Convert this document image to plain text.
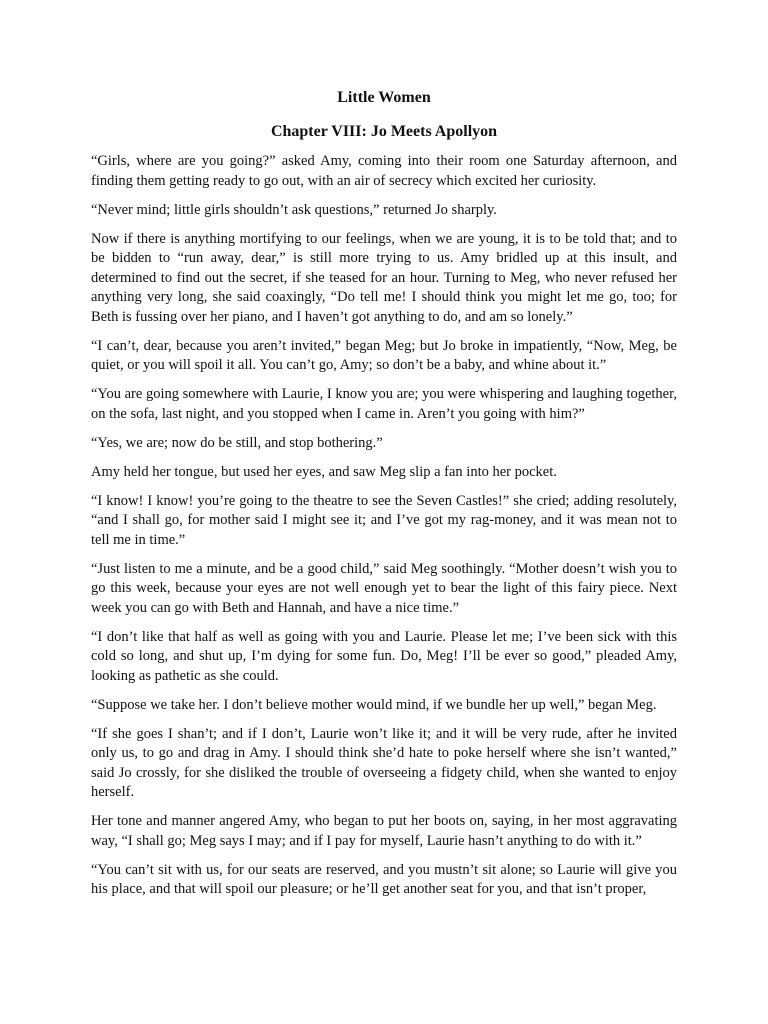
Little Women
Chapter VIII: Jo Meets Apollyon

“Girls, where are you going?” asked Amy, coming into their room one Saturday afternoon, and finding them getting ready to go out, with an air of secrecy which excited her curiosity.

“Never mind; little girls shouldn’t ask questions,” returned Jo sharply.

Now if there is anything mortifying to our feelings, when we are young, it is to be told that; and to be bidden to “run away, dear,” is still more trying to us. Amy bridled up at this insult, and determined to find out the secret, if she teased for an hour. Turning to Meg, who never refused her anything very long, she said coaxingly, “Do tell me! I should think you might let me go, too; for Beth is fussing over her piano, and I haven’t got anything to do, and am so lonely.”

“I can’t, dear, because you aren’t invited,” began Meg; but Jo broke in impatiently, “Now, Meg, be quiet, or you will spoil it all. You can’t go, Amy; so don’t be a baby, and whine about it.”

“You are going somewhere with Laurie, I know you are; you were whispering and laughing together, on the sofa, last night, and you stopped when I came in. Aren’t you going with him?”

“Yes, we are; now do be still, and stop bothering.”

Amy held her tongue, but used her eyes, and saw Meg slip a fan into her pocket.

“I know! I know! you’re going to the theatre to see the Seven Castles!” she cried; adding resolutely, “and I shall go, for mother said I might see it; and I’ve got my rag-money, and it was mean not to tell me in time.”

“Just listen to me a minute, and be a good child,” said Meg soothingly. “Mother doesn’t wish you to go this week, because your eyes are not well enough yet to bear the light of this fairy piece. Next week you can go with Beth and Hannah, and have a nice time.”

“I don’t like that half as well as going with you and Laurie. Please let me; I’ve been sick with this cold so long, and shut up, I’m dying for some fun. Do, Meg! I’ll be ever so good,” pleaded Amy, looking as pathetic as she could.

“Suppose we take her. I don’t believe mother would mind, if we bundle her up well,” began Meg.

“If she goes I shan’t; and if I don’t, Laurie won’t like it; and it will be very rude, after he invited only us, to go and drag in Amy. I should think she’d hate to poke herself where she isn’t wanted,” said Jo crossly, for she disliked the trouble of overseeing a fidgety child, when she wanted to enjoy herself.

Her tone and manner angered Amy, who began to put her boots on, saying, in her most aggravating way, “I shall go; Meg says I may; and if I pay for myself, Laurie hasn’t anything to do with it.”

“You can’t sit with us, for our seats are reserved, and you mustn’t sit alone; so Laurie will give you his place, and that will spoil our pleasure; or he’ll get another seat for you, and that isn’t proper,
